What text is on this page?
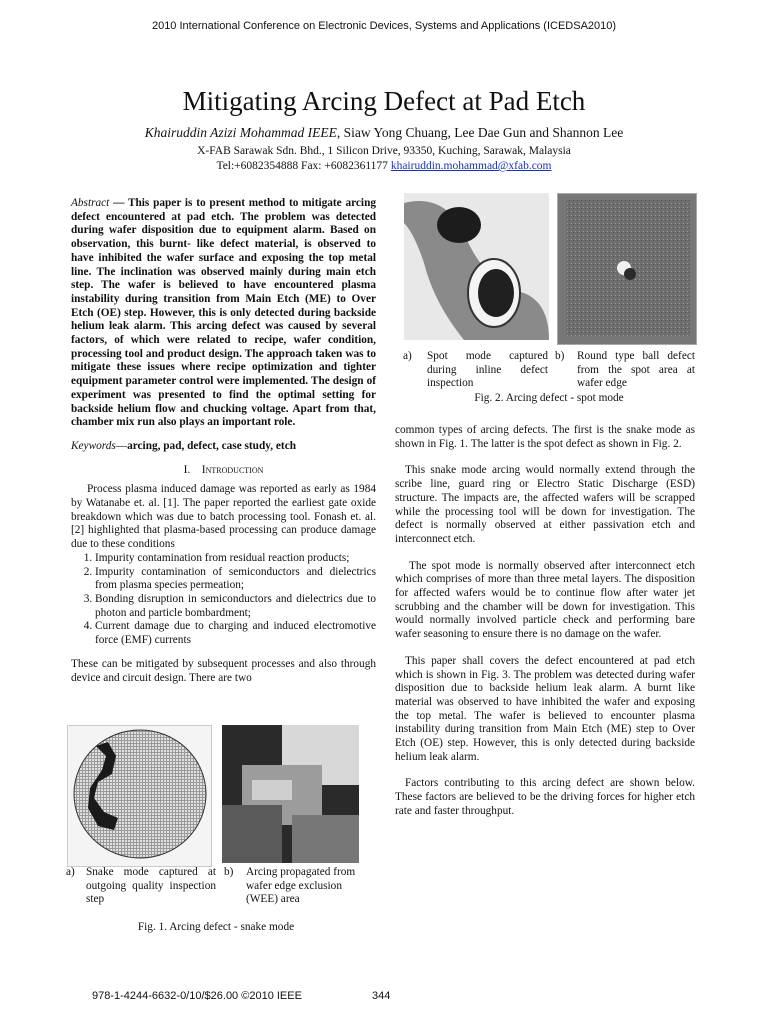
2010 International Conference on Electronic Devices, Systems and Applications (ICEDSA2010)
Mitigating Arcing Defect at Pad Etch
Khairuddin Azizi Mohammad IEEE, Siaw Yong Chuang, Lee Dae Gun and Shannon Lee
X-FAB Sarawak Sdn. Bhd., 1 Silicon Drive, 93350, Kuching, Sarawak, Malaysia
Tel:+6082354888 Fax: +6082361177 khairuddin.mohammad@xfab.com

Abstract — This paper is to present method to mitigate arcing defect encountered at pad etch. The problem was detected during wafer disposition due to equipment alarm. Based on observation, this burnt- like defect material, is observed to have inhibited the wafer surface and exposing the top metal line. The inclination was observed mainly during main etch step. The wafer is believed to have encountered plasma instability during transition from Main Etch (ME) to Over Etch (OE) step. However, this is only detected during backside helium leak alarm. This arcing defect was caused by several factors, of which were related to recipe, wafer condition, processing tool and product design. The approach taken was to mitigate these issues where recipe optimization and tighter equipment parameter control were implemented. The design of experiment was presented to find the optimal setting for backside helium flow and chucking voltage. Apart from that, chamber mix run also plays an important role.

Keywords—arcing, pad, defect, case study, etch

I. Introduction

Process plasma induced damage was reported as early as 1984 by Watanabe et. al. [1]. The paper reported the earliest gate oxide breakdown which was due to batch processing tool. Fonash et. al. [2] highlighted that plasma-based processing can produce damage due to these conditions

1. Impurity contamination from residual reaction products;
2. Impurity contamination of semiconductors and dielectrics from plasma species permeation;
3. Bonding disruption in semiconductors and dielectrics due to photon and particle bombardment;
4. Current damage due to charging and induced electromotive force (EMF) currents

These can be mitigated by subsequent processes and also through device and circuit design. There are two

a) Snake mode captured at outgoing quality inspection step
b)	Arcing propagated from wafer edge exclusion (WEE) area
Fig. 1. Arcing defect - snake mode
a)	Spot mode captured during inline defect inspection
b)	Round type ball defect from the spot area at wafer edge
Fig. 2. Arcing defect - spot mode

common types of arcing defects. The first is the snake mode as shown in Fig. 1. The latter is the spot defect as shown in Fig. 2.

This snake mode arcing would normally extend through the scribe line, guard ring or Electro Static Discharge (ESD) structure. The impacts are, the affected wafers will be scrapped while the processing tool will be down for investigation. The defect is normally observed at either passivation etch and interconnect etch.

The spot mode is normally observed after interconnect etch which comprises of more than three metal layers. The disposition for affected wafers would be to continue flow after water jet scrubbing and the chamber will be down for investigation. This would normally involved particle check and performing bare wafer seasoning to ensure there is no damage on the wafer.

This paper shall covers the defect encountered at pad etch which is shown in Fig. 3. The problem was detected during wafer disposition due to backside helium leak alarm. A burnt like material was observed to have inhibited the wafer and exposing the top metal. The wafer is believed to encounter plasma instability during transition from Main Etch (ME) step to Over Etch (OE) step. However, this is only detected during backside helium leak alarm.

Factors contributing to this arcing defect are shown below. These factors are believed to be the driving forces for higher etch rate and faster throughput.

978-1-4244-6632-0/10/$26.00 ©2010 IEEE	344
